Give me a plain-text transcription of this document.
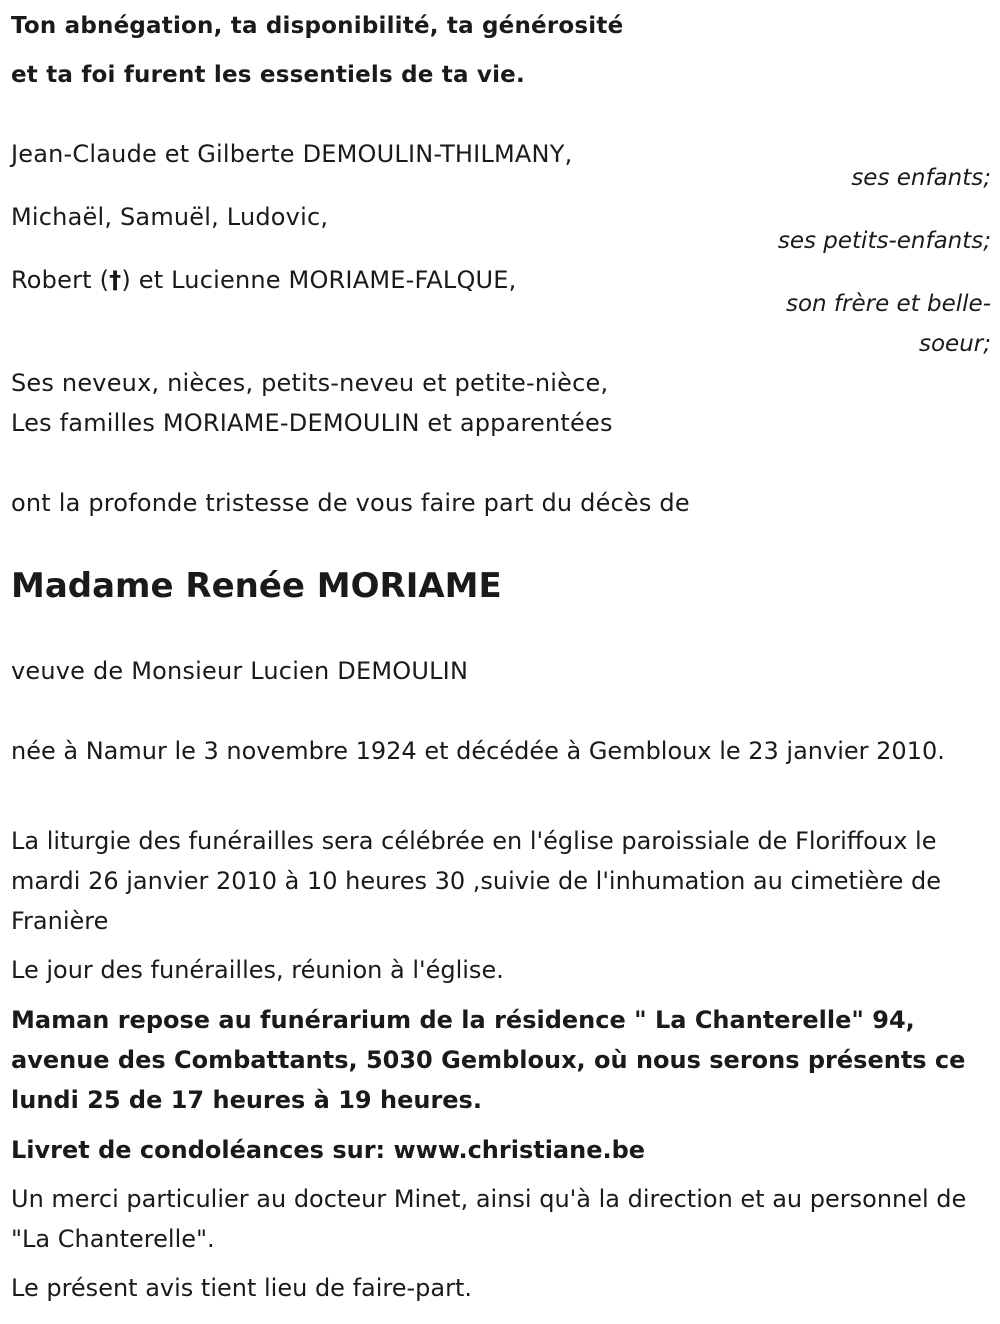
Ton abnégation, ta disponibilité, ta générosité
et ta foi furent les essentiels de ta vie.
Jean-Claude et Gilberte DEMOULIN-THILMANY,
ses enfants;
Michaël, Samuël, Ludovic,
ses petits-enfants;
Robert (†) et Lucienne MORIAME-FALQUE,
son frère et belle-
soeur;
Ses neveux, nièces, petits-neveu et petite-nièce,
Les familles MORIAME-DEMOULIN et apparentées
ont la profonde tristesse de vous faire part du décès de
Madame Renée MORIAME
veuve de Monsieur Lucien DEMOULIN
née à Namur le 3 novembre 1924 et décédée à Gembloux le 23 janvier 2010.
La liturgie des funérailles sera célébrée en l'église paroissiale de Floriffoux le mardi 26 janvier 2010 à 10 heures 30 ,suivie de l'inhumation au cimetière de Franière
Le jour des funérailles, réunion à l'église.
Maman repose au funérarium de la résidence " La Chanterelle" 94, avenue des Combattants, 5030 Gembloux, où nous serons présents ce lundi 25 de 17 heures à 19 heures.
Livret de condoléances sur: www.christiane.be
Un merci particulier au docteur Minet, ainsi qu'à la direction et au personnel de "La Chanterelle".
Le présent avis tient lieu de faire-part.
